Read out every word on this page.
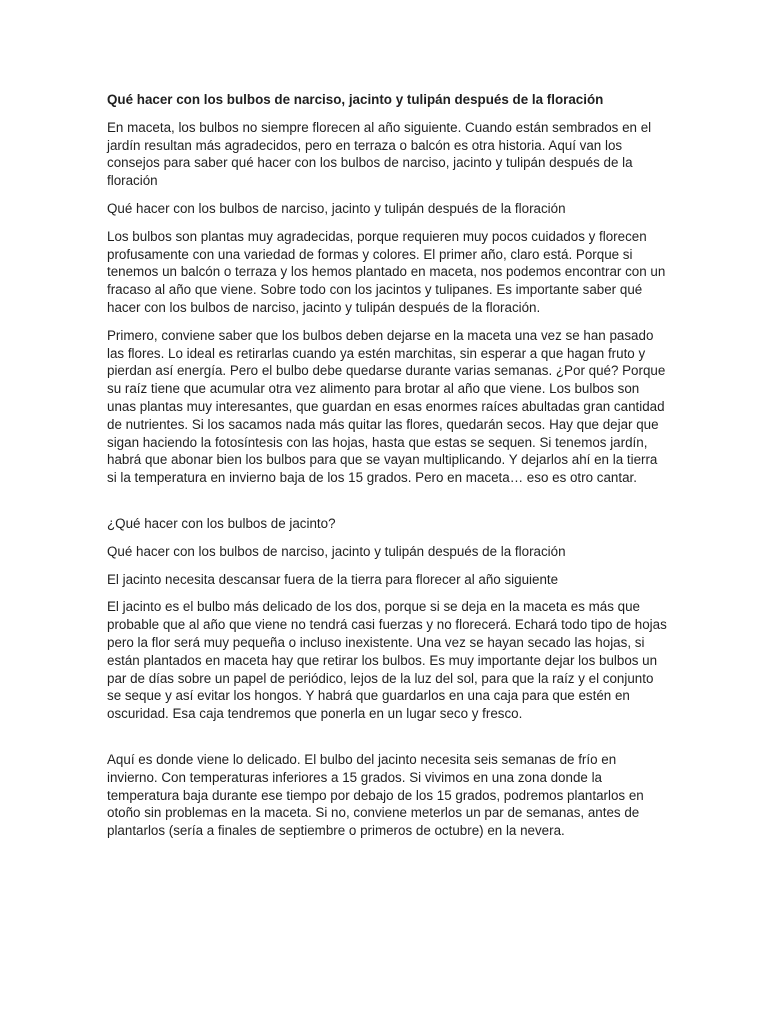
Qué hacer con los bulbos de narciso, jacinto y tulipán después de la floración

En maceta, los bulbos no siempre florecen al año siguiente. Cuando están sembrados en el jardín resultan más agradecidos, pero en terraza o balcón es otra historia. Aquí van los consejos para saber qué hacer con los bulbos de narciso, jacinto y tulipán después de la floración

Qué hacer con los bulbos de narciso, jacinto y tulipán después de la floración

Los bulbos son plantas muy agradecidas, porque requieren muy pocos cuidados y florecen profusamente con una variedad de formas y colores. El primer año, claro está. Porque si tenemos un balcón o terraza y los hemos plantado en maceta, nos podemos encontrar con un fracaso al año que viene. Sobre todo con los jacintos y tulipanes. Es importante saber qué hacer con los bulbos de narciso, jacinto y tulipán después de la floración.

Primero, conviene saber que los bulbos deben dejarse en la maceta una vez se han pasado las flores. Lo ideal es retirarlas cuando ya estén marchitas, sin esperar a que hagan fruto y pierdan así energía. Pero el bulbo debe quedarse durante varias semanas. ¿Por qué? Porque su raíz tiene que acumular otra vez alimento para brotar al año que viene. Los bulbos son unas plantas muy interesantes, que guardan en esas enormes raíces abultadas gran cantidad de nutrientes. Si los sacamos nada más quitar las flores, quedarán secos. Hay que dejar que sigan haciendo la fotosíntesis con las hojas, hasta que estas se sequen. Si tenemos jardín, habrá que abonar bien los bulbos para que se vayan multiplicando. Y dejarlos ahí en la tierra si la temperatura en invierno baja de los 15 grados. Pero en maceta… eso es otro cantar.

¿Qué hacer con los bulbos de jacinto?

Qué hacer con los bulbos de narciso, jacinto y tulipán después de la floración

El jacinto necesita descansar fuera de la tierra para florecer al año siguiente

El jacinto es el bulbo más delicado de los dos, porque si se deja en la maceta es más que probable que al año que viene no tendrá casi fuerzas y no florecerá. Echará todo tipo de hojas pero la flor será muy pequeña o incluso inexistente. Una vez se hayan secado las hojas, si están plantados en maceta hay que retirar los bulbos. Es muy importante dejar los bulbos un par de días sobre un papel de periódico, lejos de la luz del sol, para que la raíz y el conjunto se seque y así evitar los hongos. Y habrá que guardarlos en una caja para que estén en oscuridad. Esa caja tendremos que ponerla en un lugar seco y fresco.

Aquí es donde viene lo delicado. El bulbo del jacinto necesita seis semanas de frío en invierno. Con temperaturas inferiores a 15 grados. Si vivimos en una zona donde la temperatura baja durante ese tiempo por debajo de los 15 grados, podremos plantarlos en otoño sin problemas en la maceta. Si no, conviene meterlos un par de semanas, antes de plantarlos (sería a finales de septiembre o primeros de octubre) en la nevera.
